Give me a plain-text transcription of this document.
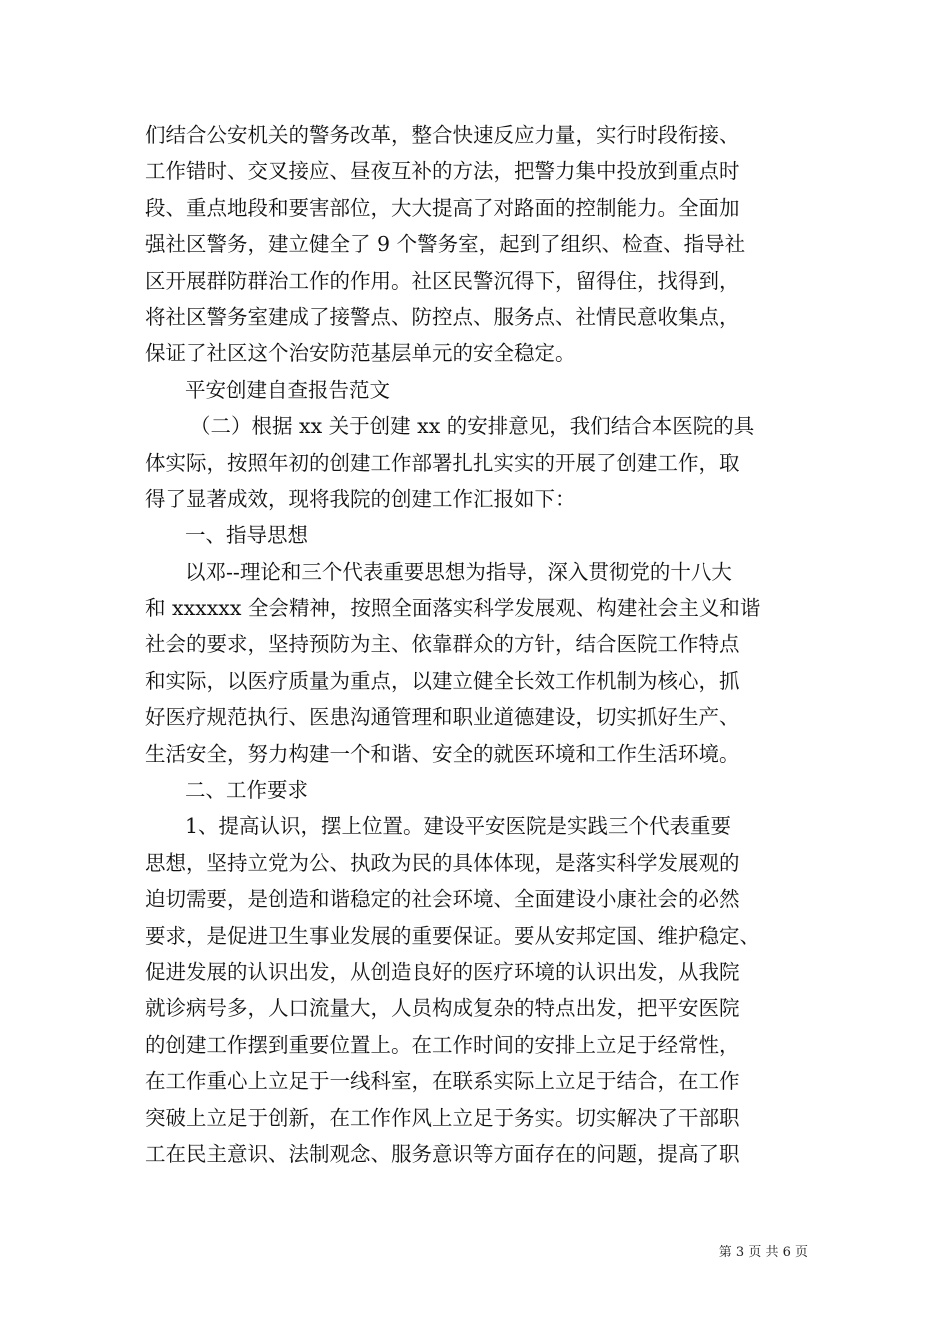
们结合公安机关的警务改革，整合快速反应力量，实行时段衔接、
工作错时、交叉接应、昼夜互补的方法，把警力集中投放到重点时
段、重点地段和要害部位，大大提高了对路面的控制能力。全面加
强社区警务，建立健全了 9 个警务室，起到了组织、检查、指导社
区开展群防群治工作的作用。社区民警沉得下，留得住，找得到，
将社区警务室建成了接警点、防控点、服务点、社情民意收集点，
保证了社区这个治安防范基层单元的安全稳定。
平安创建自查报告范文
（二）根据 xx 关于创建 xx 的安排意见，我们结合本医院的具
体实际，按照年初的创建工作部署扎扎实实的开展了创建工作，取
得了显著成效，现将我院的创建工作汇报如下：
一、指导思想
以邓--理论和三个代表重要思想为指导，深入贯彻党的十八大
和 xxxxxx 全会精神，按照全面落实科学发展观、构建社会主义和谐
社会的要求，坚持预防为主、依靠群众的方针，结合医院工作特点
和实际，以医疗质量为重点，以建立健全长效工作机制为核心，抓
好医疗规范执行、医患沟通管理和职业道德建设，切实抓好生产、
生活安全，努力构建一个和谐、安全的就医环境和工作生活环境。
二、工作要求
1、提高认识，摆上位置。建设平安医院是实践三个代表重要
思想，坚持立党为公、执政为民的具体体现，是落实科学发展观的
迫切需要，是创造和谐稳定的社会环境、全面建设小康社会的必然
要求，是促进卫生事业发展的重要保证。要从安邦定国、维护稳定、
促进发展的认识出发，从创造良好的医疗环境的认识出发，从我院
就诊病号多，人口流量大，人员构成复杂的特点出发，把平安医院
的创建工作摆到重要位置上。在工作时间的安排上立足于经常性，
在工作重心上立足于一线科室，在联系实际上立足于结合，在工作
突破上立足于创新，在工作作风上立足于务实。切实解决了干部职
工在民主意识、法制观念、服务意识等方面存在的问题，提高了职
第 3 页 共 6 页
